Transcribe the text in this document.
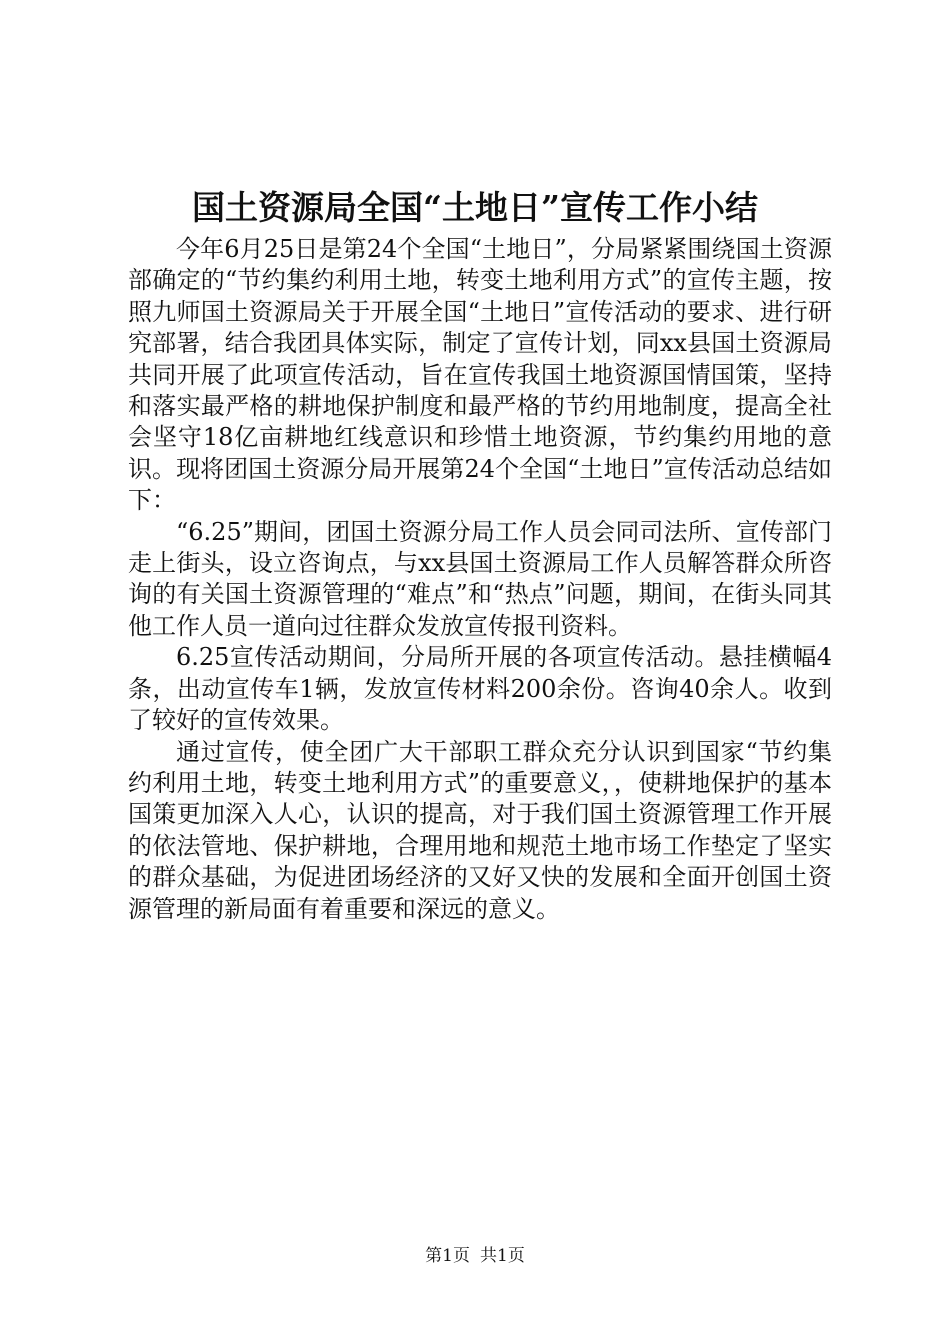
国土资源局全国“土地日”宣传工作小结

今年6月25日是第24个全国“土地日”，分局紧紧围绕国土资源部确定的“节约集约利用土地，转变土地利用方式”的宣传主题，按照九师国土资源局关于开展全国“土地日”宣传活动的要求、进行研究部署，结合我团具体实际，制定了宣传计划，同xx县国土资源局共同开展了此项宣传活动，旨在宣传我国土地资源国情国策，坚持和落实最严格的耕地保护制度和最严格的节约用地制度，提高全社会坚守18亿亩耕地红线意识和珍惜土地资源，节约集约用地的意识。现将团国土资源分局开展第24个全国“土地日”宣传活动总结如下：

“6.25”期间，团国土资源分局工作人员会同司法所、宣传部门走上街头，设立咨询点，与xx县国土资源局工作人员解答群众所咨询的有关国土资源管理的“难点”和“热点”问题，期间，在街头同其他工作人员一道向过往群众发放宣传报刊资料。

6.25宣传活动期间，分局所开展的各项宣传活动。悬挂横幅4条，出动宣传车1辆，发放宣传材料200余份。咨询40余人。收到了较好的宣传效果。

通过宣传，使全团广大干部职工群众充分认识到国家“节约集约利用土地，转变土地利用方式”的重要意义，，使耕地保护的基本国策更加深入人心，认识的提高，对于我们国土资源管理工作开展的依法管地、保护耕地，合理用地和规范土地市场工作垫定了坚实的群众基础，为促进团场经济的又好又快的发展和全面开创国土资源管理的新局面有着重要和深远的意义。

第1页 共1页
